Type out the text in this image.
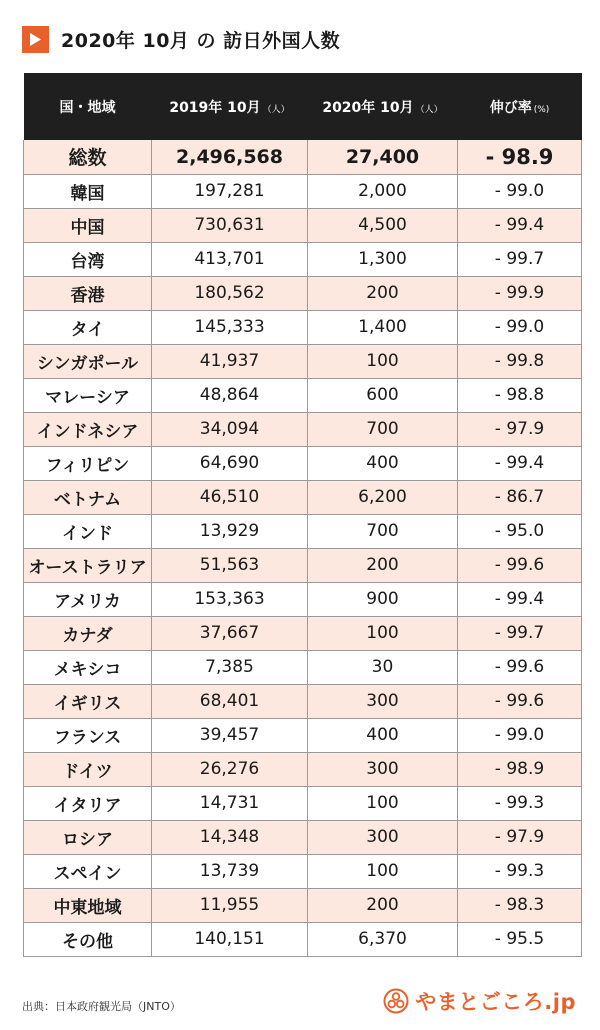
2020年 10月 の 訪日外国人数
国・地域	2019年 10月 （人）	2020年 10月 （人）	伸び率 (%)
総数	2,496,568	27,400	- 98.9
韓国	197,281	2,000	- 99.0
中国	730,631	4,500	- 99.4
台湾	413,701	1,300	- 99.7
香港	180,562	200	- 99.9
タイ	145,333	1,400	- 99.0
シンガポール	41,937	100	- 99.8
マレーシア	48,864	600	- 98.8
インドネシア	34,094	700	- 97.9
フィリピン	64,690	400	- 99.4
ベトナム	46,510	6,200	- 86.7
インド	13,929	700	- 95.0
オーストラリア	51,563	200	- 99.6
アメリカ	153,363	900	- 99.4
カナダ	37,667	100	- 99.7
メキシコ	7,385	30	- 99.6
イギリス	68,401	300	- 99.6
フランス	39,457	400	- 99.0
ドイツ	26,276	300	- 98.9
イタリア	14,731	100	- 99.3
ロシア	14,348	300	- 97.9
スペイン	13,739	100	- 99.3
中東地域	11,955	200	- 98.3
その他	140,151	6,370	- 95.5
出典：日本政府観光局（JNTO）	やまとごころ.jp
